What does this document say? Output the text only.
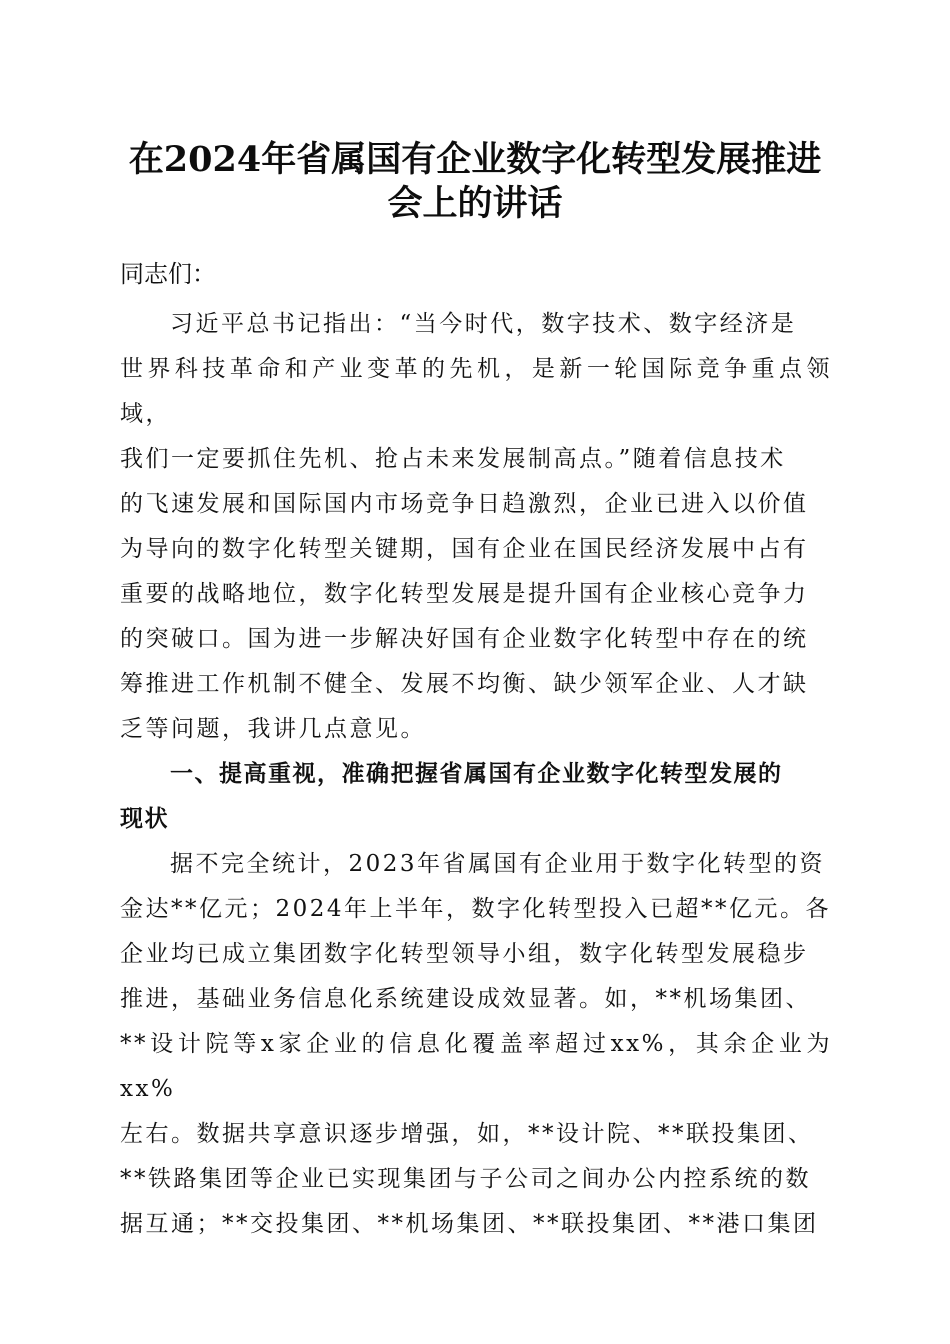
在2024年省属国有企业数字化转型发展推进
会上的讲话
同志们：
习近平总书记指出：“当今时代，数字技术、数字经济是
世界科技革命和产业变革的先机，是新一轮国际竞争重点领域，
我们一定要抓住先机、抢占未来发展制高点。”随着信息技术
的飞速发展和国际国内市场竞争日趋激烈，企业已进入以价值
为导向的数字化转型关键期，国有企业在国民经济发展中占有
重要的战略地位，数字化转型发展是提升国有企业核心竞争力
的突破口。国为进一步解决好国有企业数字化转型中存在的统
筹推进工作机制不健全、发展不均衡、缺少领军企业、人才缺
乏等问题，我讲几点意见。
一、提高重视，准确把握省属国有企业数字化转型发展的
现状
据不完全统计，2023年省属国有企业用于数字化转型的资
金达**亿元；2024年上半年，数字化转型投入已超**亿元。各
企业均已成立集团数字化转型领导小组，数字化转型发展稳步
推进，基础业务信息化系统建设成效显著。如，**机场集团、
**设计院等x家企业的信息化覆盖率超过xx%，其余企业为xx%
左右。数据共享意识逐步增强，如，**设计院、**联投集团、
**铁路集团等企业已实现集团与子公司之间办公内控系统的数
据互通；**交投集团、**机场集团、**联投集团、**港口集团
